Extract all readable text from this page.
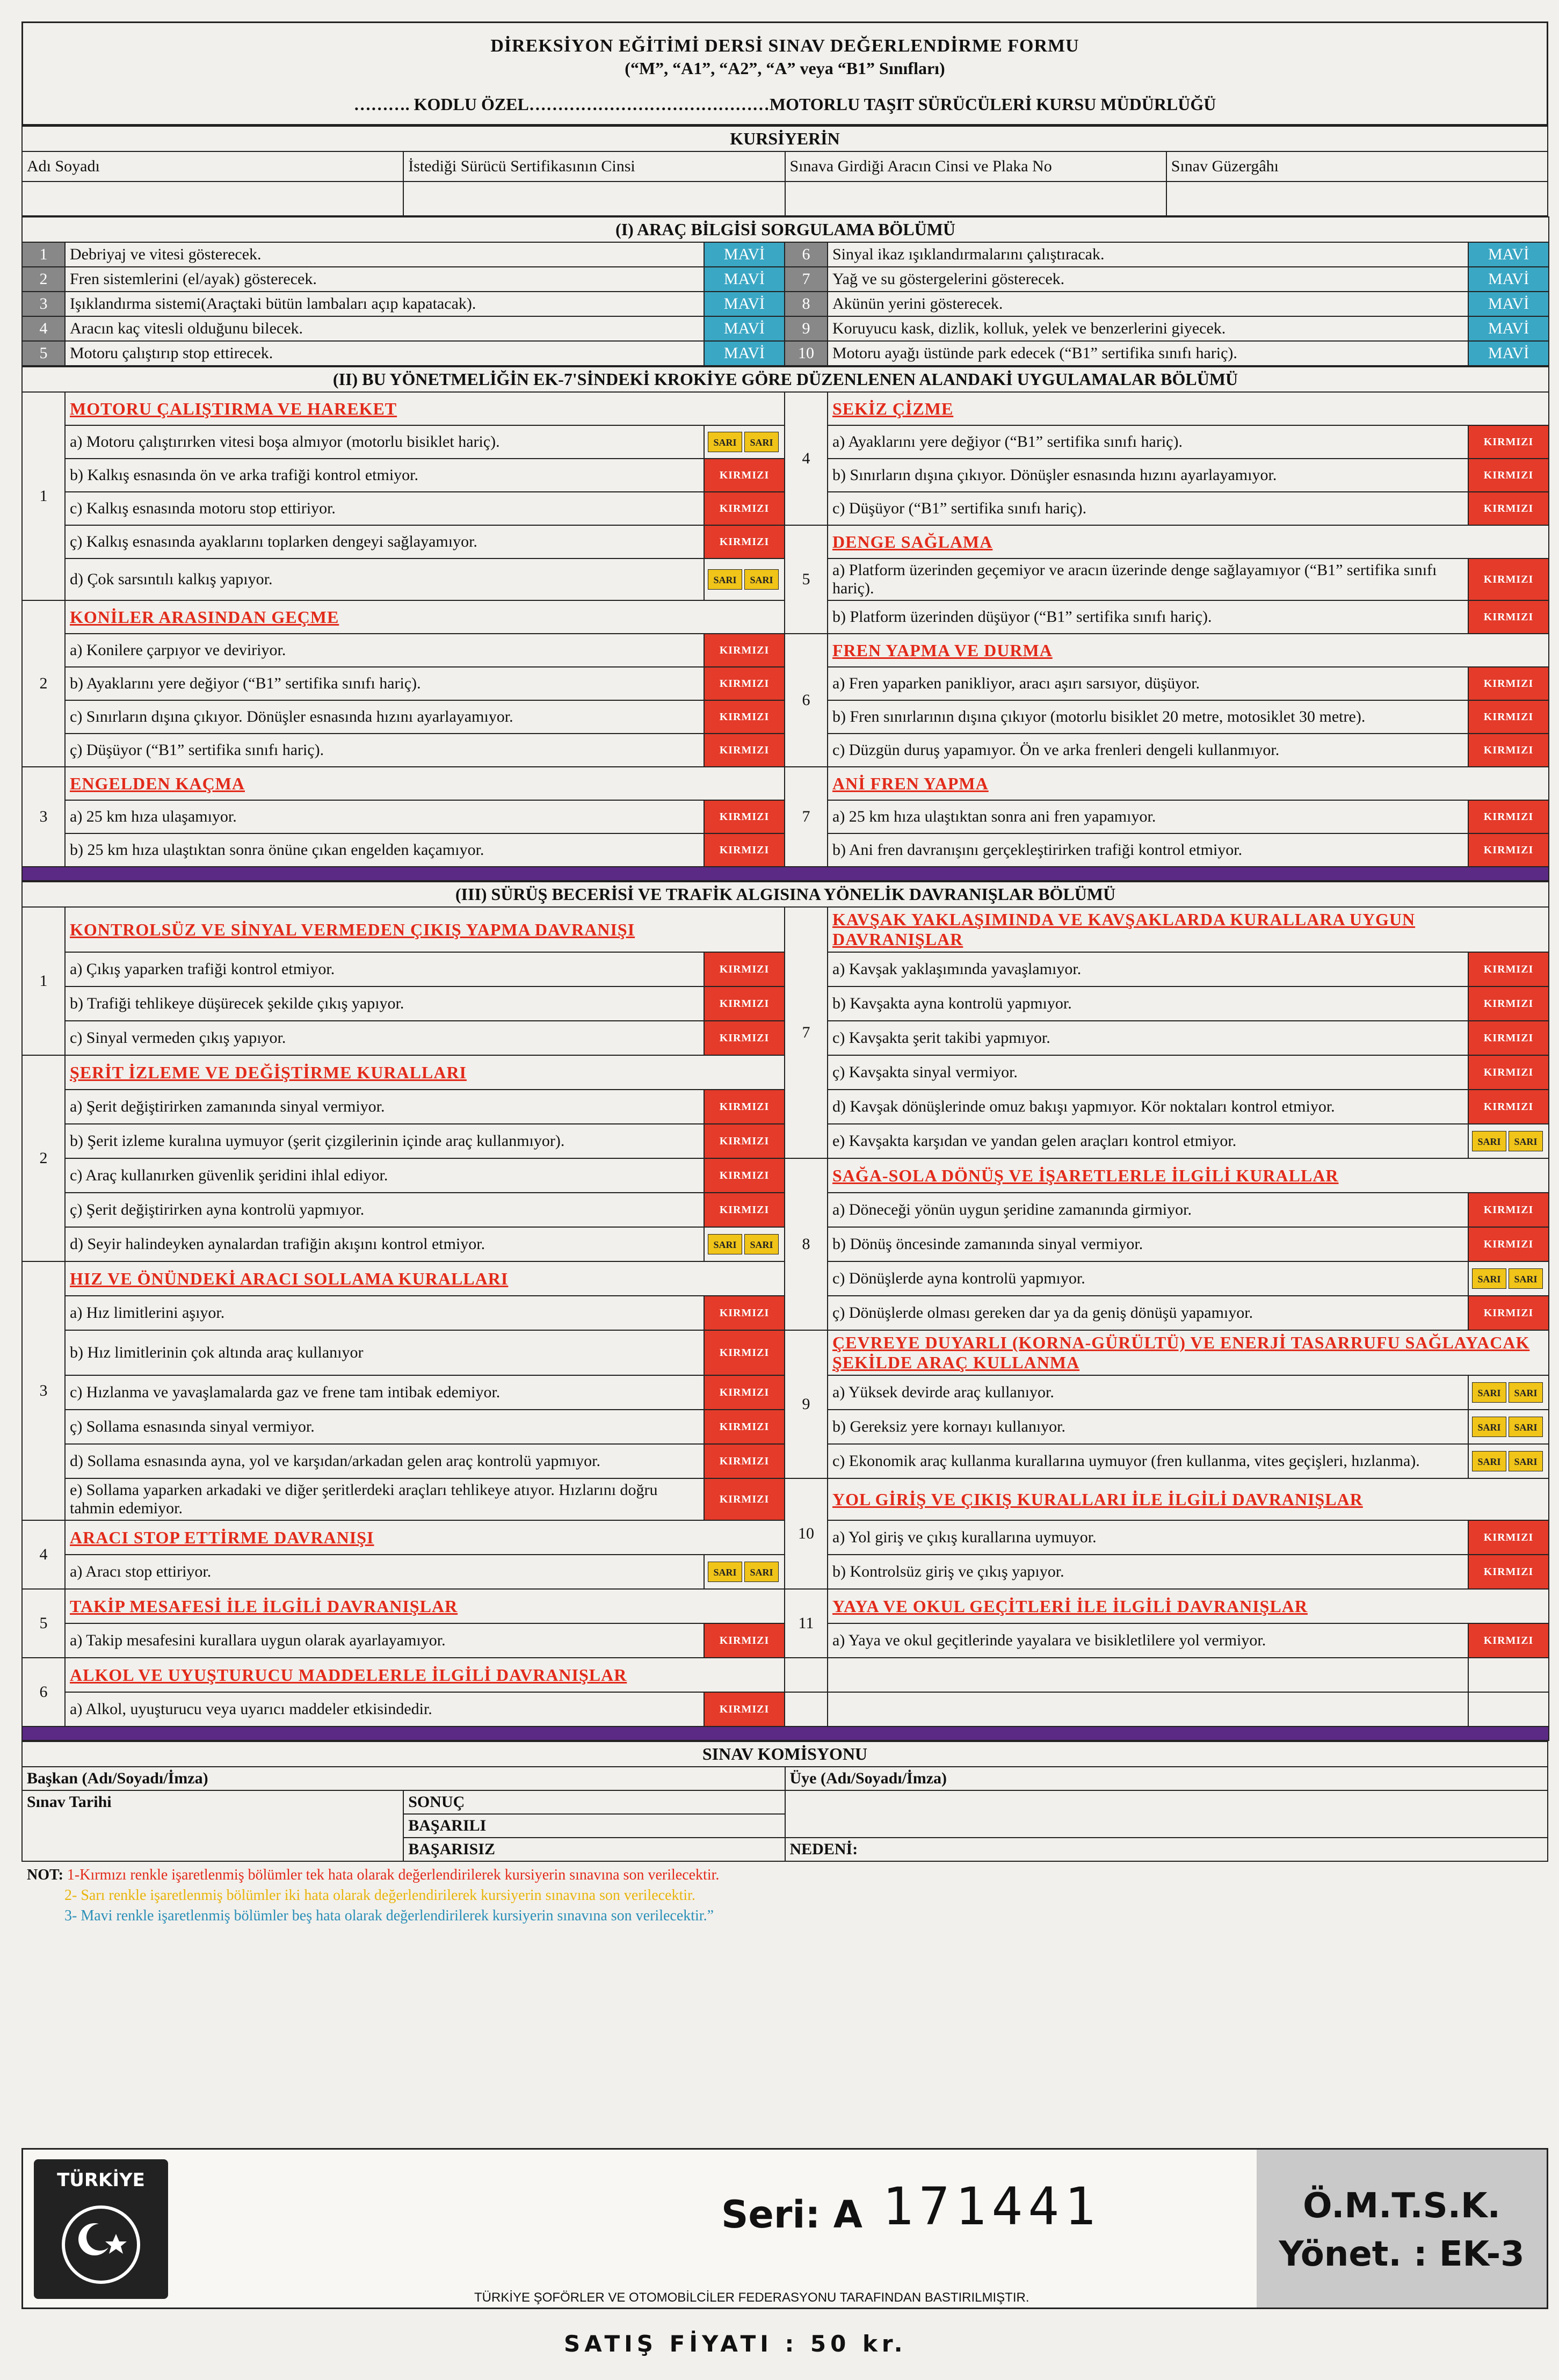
DİREKSİYON EĞİTİMİ DERSİ SINAV DEĞERLENDİRME FORMU
(“M”, “A1”, “A2”, “A” veya “B1” Sınıfları)
………. KODLU ÖZEL……………………………………MOTORLU TAŞIT SÜRÜCÜLERİ KURSU MÜDÜRLÜĞÜ
KURSİYERİN			
Adı Soyadı	İstediği Sürücü Sertifikasının Cinsi	Sınava Girdiği Aracın Cinsi ve Plaka No	Sınav Güzergâhı

(I) ARAÇ BİLGİSİ SORGULAMA BÖLÜMÜ					
1	Debriyaj ve vitesi gösterecek.	MAVİ	6	Sinyal ikaz ışıklandırmalarını çalıştıracak.	MAVİ
2	Fren sistemlerini (el/ayak) gösterecek.	MAVİ	7	Yağ ve su göstergelerini gösterecek.	MAVİ
3	Işıklandırma sistemi(Araçtaki bütün lambaları açıp kapatacak).	MAVİ	8	Akünün yerini gösterecek.	MAVİ
4	Aracın kaç vitesli olduğunu bilecek.	MAVİ	9	Koruyucu kask, dizlik, kolluk, yelek ve benzerlerini giyecek.	MAVİ
5	Motoru çalıştırıp stop ettirecek.	MAVİ	10	Motoru ayağı üstünde park edecek (“B1” sertifika sınıfı hariç).	MAVİ
(II) BU YÖNETMELİĞİN EK-7'SİNDEKİ KROKİYE GÖRE DÜZENLENEN ALANDAKİ UYGULAMALAR BÖLÜMÜ					
1	MOTORU ÇALIŞTIRMA VE HAREKET		4	SEKİZ ÇİZME	
	a) Motoru çalıştırırken vitesi boşa almıyor (motorlu bisiklet hariç).	SARI SARI		a) Ayaklarını yere değiyor (“B1” sertifika sınıfı hariç).	KIRMIZI
	b) Kalkış esnasında ön ve arka trafiği kontrol etmiyor.	KIRMIZI		b) Sınırların dışına çıkıyor. Dönüşler esnasında hızını ayarlayamıyor.	KIRMIZI
	c) Kalkış esnasında motoru stop ettiriyor.	KIRMIZI		c) Düşüyor (“B1” sertifika sınıfı hariç).	KIRMIZI
	ç) Kalkış esnasında ayaklarını toplarken dengeyi sağlayamıyor.	KIRMIZI	5	DENGE SAĞLAMA	
	d) Çok sarsıntılı kalkış yapıyor.	SARI SARI		a) Platform üzerinden geçemiyor ve aracın üzerinde denge sağlayamıyor (“B1” sertifika sınıfı hariç).	KIRMIZI
2	KONİLER ARASINDAN GEÇME			b) Platform üzerinden düşüyor (“B1” sertifika sınıfı hariç).	KIRMIZI
	a) Konilere çarpıyor ve deviriyor.	KIRMIZI	6	FREN YAPMA VE DURMA	
	b) Ayaklarını yere değiyor (“B1” sertifika sınıfı hariç).	KIRMIZI		a) Fren yaparken panikliyor, aracı aşırı sarsıyor, düşüyor.	KIRMIZI
	c) Sınırların dışına çıkıyor. Dönüşler esnasında hızını ayarlayamıyor.	KIRMIZI		b) Fren sınırlarının dışına çıkıyor (motorlu bisiklet 20 metre, motosiklet 30 metre).	KIRMIZI
	ç) Düşüyor (“B1” sertifika sınıfı hariç).	KIRMIZI		c) Düzgün duruş yapamıyor. Ön ve arka frenleri dengeli kullanmıyor.	KIRMIZI
3	ENGELDEN KAÇMA		7	ANİ FREN YAPMA	
	a) 25 km hıza ulaşamıyor.	KIRMIZI		a) 25 km hıza ulaştıktan sonra ani fren yapamıyor.	KIRMIZI
	b) 25 km hıza ulaştıktan sonra önüne çıkan engelden kaçamıyor.	KIRMIZI		b) Ani fren davranışını gerçekleştirirken trafiği kontrol etmiyor.	KIRMIZI

(III) SÜRÜŞ BECERİSİ VE TRAFİK ALGISINA YÖNELİK DAVRANIŞLAR BÖLÜMÜ					
1	KONTROLSÜZ VE SİNYAL VERMEDEN ÇIKIŞ YAPMA DAVRANIŞI		7	KAVŞAK YAKLAŞIMINDA VE KAVŞAKLARDA KURALLARA UYGUN DAVRANIŞLAR	
	a) Çıkış yaparken trafiği kontrol etmiyor.	KIRMIZI		a) Kavşak yaklaşımında yavaşlamıyor.	KIRMIZI
	b) Trafiği tehlikeye düşürecek şekilde çıkış yapıyor.	KIRMIZI		b) Kavşakta ayna kontrolü yapmıyor.	KIRMIZI
	c) Sinyal vermeden çıkış yapıyor.	KIRMIZI		c) Kavşakta şerit takibi yapmıyor.	KIRMIZI
2	ŞERİT İZLEME VE DEĞİŞTİRME KURALLARI			ç) Kavşakta sinyal vermiyor.	KIRMIZI
	a) Şerit değiştirirken zamanında sinyal vermiyor.	KIRMIZI		d) Kavşak dönüşlerinde omuz bakışı yapmıyor. Kör noktaları kontrol etmiyor.	KIRMIZI
	b) Şerit izleme kuralına uymuyor (şerit çizgilerinin içinde araç kullanmıyor).	KIRMIZI		e) Kavşakta karşıdan ve yandan gelen araçları kontrol etmiyor.	SARI SARI
	c) Araç kullanırken güvenlik şeridini ihlal ediyor.	KIRMIZI	8	SAĞA-SOLA DÖNÜŞ VE İŞARETLERLE İLGİLİ KURALLAR	
	ç) Şerit değiştirirken ayna kontrolü yapmıyor.	KIRMIZI		a) Döneceği yönün uygun şeridine zamanında girmiyor.	KIRMIZI
	d) Seyir halindeyken aynalardan trafiğin akışını kontrol etmiyor.	SARI SARI		b) Dönüş öncesinde zamanında sinyal vermiyor.	KIRMIZI
3	HIZ VE ÖNÜNDEKİ ARACI SOLLAMA KURALLARI			c) Dönüşlerde ayna kontrolü yapmıyor.	SARI SARI
	a) Hız limitlerini aşıyor.	KIRMIZI		ç) Dönüşlerde olması gereken dar ya da geniş dönüşü yapamıyor.	KIRMIZI
	b) Hız limitlerinin çok altında araç kullanıyor	KIRMIZI	9	ÇEVREYE DUYARLI (KORNA-GÜRÜLTÜ) VE ENERJİ TASARRUFU SAĞLAYACAK ŞEKİLDE ARAÇ KULLANMA	
	c) Hızlanma ve yavaşlamalarda gaz ve frene tam intibak edemiyor.	KIRMIZI		a) Yüksek devirde araç kullanıyor.	SARI SARI
	ç) Sollama esnasında sinyal vermiyor.	KIRMIZI		b) Gereksiz yere kornayı kullanıyor.	SARI SARI
	d) Sollama esnasında ayna, yol ve karşıdan/arkadan gelen araç kontrolü yapmıyor.	KIRMIZI		c) Ekonomik araç kullanma kurallarına uymuyor (fren kullanma, vites geçişleri, hızlanma).	SARI SARI
	e) Sollama yaparken arkadaki ve diğer şeritlerdeki araçları tehlikeye atıyor. Hızlarını doğru tahmin edemiyor.	KIRMIZI	10	YOL GİRİŞ VE ÇIKIŞ KURALLARI İLE İLGİLİ DAVRANIŞLAR	
4	ARACI STOP ETTİRME DAVRANIŞI			a) Yol giriş ve çıkış kurallarına uymuyor.	KIRMIZI
	a) Aracı stop ettiriyor.	SARI SARI		b) Kontrolsüz giriş ve çıkış yapıyor.	KIRMIZI
5	TAKİP MESAFESİ İLE İLGİLİ DAVRANIŞLAR		11	YAYA VE OKUL GEÇİTLERİ İLE İLGİLİ DAVRANIŞLAR	
	a) Takip mesafesini kurallara uygun olarak ayarlayamıyor.	KIRMIZI		a) Yaya ve okul geçitlerinde yayalara ve bisikletlilere yol vermiyor.	KIRMIZI
6	ALKOL VE UYUŞTURUCU MADDELERLE İLGİLİ DAVRANIŞLAR				
	a) Alkol, uyuşturucu veya uyarıcı maddeler etkisindedir.	KIRMIZI			

SINAV KOMİSYONU		
Başkan (Adı/Soyadı/İmza)		Üye (Adı/Soyadı/İmza)
Sınav Tarihi	SONUÇ	
	BAŞARILI	
	BAŞARISIZ	NEDENİ:
NOT: 1-Kırmızı renkle işaretlenmiş bölümler tek hata olarak değerlendirilerek kursiyerin sınavına son verilecektir.
2- Sarı renkle işaretlenmiş bölümler iki hata olarak değerlendirilerek kursiyerin sınavına son verilecektir.
3- Mavi renkle işaretlenmiş bölümler beş hata olarak değerlendirilerek kursiyerin sınavına son verilecektir.”
TÜRKİYE
Seri: A 171441	Ö.M.T.S.K.
Yönet. : EK-3
TÜRKİYE ŞOFÖRLER VE OTOMOBİLCİLER FEDERASYONU TARAFINDAN BASTIRILMIŞTIR.
SATIŞ FİYATI : 50 kr.
